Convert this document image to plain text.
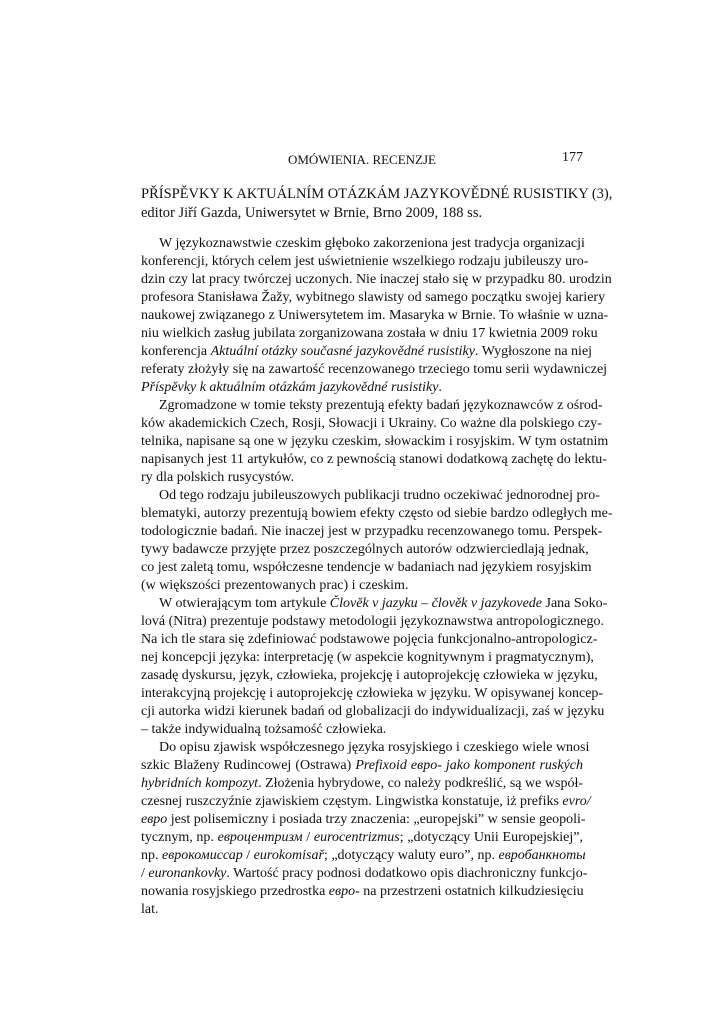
OMÓWIENIA. RECENZJE	177
PŘÍSPĚVKY K AKTUÁLNÍM OTÁZKÁM JAZYKOVĚDNÉ RUSISTIKY (3),
editor Jiří Gazda, Uniwersytet w Brnie, Brno 2009, 188 ss.
W językoznawstwie czeskim głęboko zakorzeniona jest tradycja organizacji
konferencji, których celem jest uświetnienie wszelkiego rodzaju jubileuszy uro-
dzin czy lat pracy twórczej uczonych. Nie inaczej stało się w przypadku 80. urodzin
profesora Stanisława Žažy, wybitnego slawisty od samego początku swojej kariery
naukowej związanego z Uniwersytetem im. Masaryka w Brnie. To właśnie w uzna-
niu wielkich zasług jubilata zorganizowana została w dniu 17 kwietnia 2009 roku
konferencja Aktuální otázky současné jazykovědné rusistiky. Wygłoszone na niej
referaty złożyły się na zawartość recenzowanego trzeciego tomu serii wydawniczej
Příspěvky k aktuálním otázkám jazykovědné rusistiky.
Zgromadzone w tomie teksty prezentują efekty badań językoznawców z ośrod-
ków akademickich Czech, Rosji, Słowacji i Ukrainy. Co ważne dla polskiego czy-
telnika, napisane są one w języku czeskim, słowackim i rosyjskim. W tym ostatnim
napisanych jest 11 artykułów, co z pewnością stanowi dodatkową zachętę do lektu-
ry dla polskich rusycystów.
Od tego rodzaju jubileuszowych publikacji trudno oczekiwać jednorodnej pro-
blematyki, autorzy prezentują bowiem efekty często od siebie bardzo odległych me-
todologicznie badań. Nie inaczej jest w przypadku recenzowanego tomu. Perspek-
tywy badawcze przyjęte przez poszczególnych autorów odzwierciedlają jednak,
co jest zaletą tomu, współczesne tendencje w badaniach nad językiem rosyjskim
(w większości prezentowanych prac) i czeskim.
W otwierającym tom artykule Člověk v jazyku – člověk v jazykovede Jana Soko-
lová (Nitra) prezentuje podstawy metodologii językoznawstwa antropologicznego.
Na ich tle stara się zdefiniować podstawowe pojęcia funkcjonalno-antropologicz-
nej koncepcji języka: interpretację (w aspekcie kognitywnym i pragmatycznym),
zasadę dyskursu, język, człowieka, projekcję i autoprojekcję człowieka w języku,
interakcyjną projekcję i autoprojekcję człowieka w języku. W opisywanej koncep-
cji autorka widzi kierunek badań od globalizacji do indywidualizacji, zaś w języku
– także indywidualną tożsamość człowieka.
Do opisu zjawisk współczesnego języka rosyjskiego i czeskiego wiele wnosi
szkic Blaženy Rudincowej (Ostrawa) Prefixoid евро- jako komponent ruských
hybridních kompozyt. Złożenia hybrydowe, co należy podkreślić, są we współ-
czesnej ruszczyźnie zjawiskiem częstym. Lingwistka konstatuje, iż prefiks evro/
евро jest polisemiczny i posiada trzy znaczenia: „europejski” w sensie geopoli-
tycznym, np. евроцентризм / eurocentrizmus; „dotyczący Unii Europejskiej”,
np. еврокомиссар / eurokomisař; „dotyczący waluty euro”, np. евробанкноты
/ euronankovky. Wartość pracy podnosi dodatkowo opis diachroniczny funkcjo-
nowania rosyjskiego przedrostka евро- na przestrzeni ostatnich kilkudziesięciu
lat.
